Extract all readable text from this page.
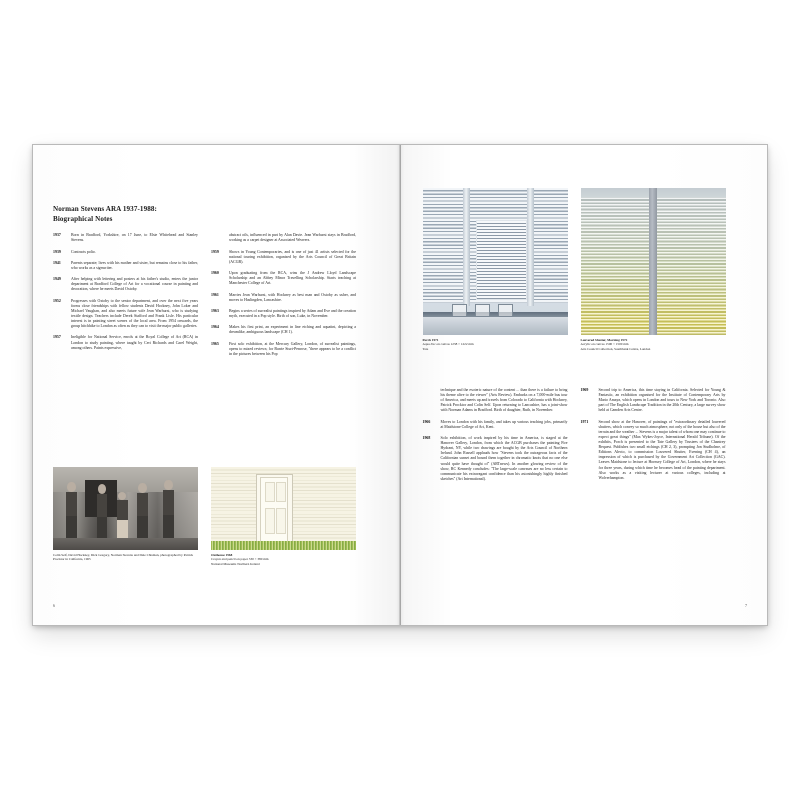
Norman Stevens ARA 1937-1988:
Biographical Notes
1937	Born in Bradford, Yorkshire, on 17 June, to Elsie Whitehead and Stanley Stevens.
1939	Contracts polio.
1941	Parents separate; lives with his mother and sister, but remains close to his father, who works as a signwriter.
1949	After helping with lettering and posters at his father's studio, enters the junior department at Bradford College of Art for a vocational course in painting and decoration, where he meets David Oxtoby.
1952	Progresses with Oxtoby to the senior department, and over the next five years forms close friendships with fellow students David Hockney, John Loker and Michael Vaughan, and also meets future wife Jean Warhurst, who is studying textile design. Teachers include Derek Stafford and Frank Lisle. His particular interest is in painting street scenes of the local area. From 1954 onwards, the group hitchhike to London as often as they can to visit the major public galleries.
1957	Ineligible for National Service, enrols at the Royal College of Art (RCA) in London to study painting, where taught by Ceri Richards and Carel Weight, among others. Paints expressive,
abstract oils, influenced in part by Alan Davie. Jean Warhurst stays in Bradford, working as a carpet designer at Associated Weavers.
1959	Shows in Young Contemporaries, and is one of just 41 artists selected for the national touring exhibition, organised by the Arts Council of Great Britain (ACGB).
1960	Upon graduating from the RCA, wins the J Andrew Lloyd Landscape Scholarship and an Abbey Minor Travelling Scholarship. Starts teaching at Manchester College of Art.
1961	Marries Jean Warhurst, with Hockney as best man and Oxtoby as usher, and moves to Haslingden, Lancashire.
1963	Begins a series of surrealist paintings inspired by Adam and Eve and the creation myth, executed in a Pop style. Birth of son, Luke, in November.
1964	Makes his first print, an experiment in line etching and aquatint, depicting a dreamlike, ambiguous landscape (CH 1).
1965	First solo exhibition, at the Mercury Gallery, London, of surrealist paintings, opens to mixed reviews; for Barrie Sturt-Penrose, "there appears to be a conflict in the pictures between his Pop
Colin Self, David Hockney, Dick Gregory, Norman Stevens and Dale Chisman, photographed by Patrick Procktor in California, 1965
Outhouse 1968
Crayon and pencil on paper 330 × 380 mm
National Museums Northern Ireland
6
Porch 1971
Aqua-Tec on canvas 1238 × 1222 mm
Tate
Louvered Shutter, Morning 1972
Acrylic on canvas 1500 × 1500 mm
Arts Council Collection, Southbank Centre, London
technique and the esoteric nature of the content ... than there is a failure to bring his theme alive to the viewer" (Arts Review). Embarks on a 7,000-mile bus tour of America, and meets up and travels from Colorado to California with Hockney, Patrick Procktor and Colin Self. Upon returning to Lancashire, has a joint-show with Norman Adams in Bradford. Birth of daughter, Ruth, in November.
1966	Moves to London with his family, and takes up various teaching jobs, primarily at Maidstone College of Art, Kent.
1968	Solo exhibition, of work inspired by his time in America, is staged at the Hanover Gallery, London, from which the ACGB purchases the painting Fire Hydrant, NY, while two drawings are bought by the Arts Council of Northern Ireland. John Russell applauds how "Stevens took the outrageous facts of the Californian sunset and bound them together in chromatic knots that no one else would quite have thought of" (ARTnews). In another glowing review of the show, RC Kennedy concludes: "The large-scale canvases are no less certain to communicate his extravagant confidence than his astonishingly highly finished sketches" (Art International).
1969	Second trip to America, this time staying in California. Selected for Young & Fantastic, an exhibition organised for the Institute of Contemporary Arts by Mario Amaya, which opens in London and tours to New York and Toronto. Also part of The English Landscape Tradition in the 20th Century, a large survey show held at Camden Arts Centre.
1971	Second show at the Hanover, of paintings of "extraordinary detailed louvered shutters, which convey so much atmosphere, not only of the house but also of the terrain and the weather ... Stevens is a major talent of whom one may continue to expect great things" (Max Wykes-Joyce, International Herald Tribune). Of the exhibits, Porch is presented to the Tate Gallery by Trustees of the Chantrey Bequest. Publishes two small etchings (CH 2, 3), prompting Jon Studholme, of Editions Alecto, to commission Louvered Shutter, Evening (CH 4), an impression of which is purchased by the Government Art Collection (GAC). Leaves Maidstone to lecture at Hornsey College of Art, London, where he stays for three years, during which time he becomes head of the painting department. Also works as a visiting lecturer at various colleges, including at Wolverhampton.
7
